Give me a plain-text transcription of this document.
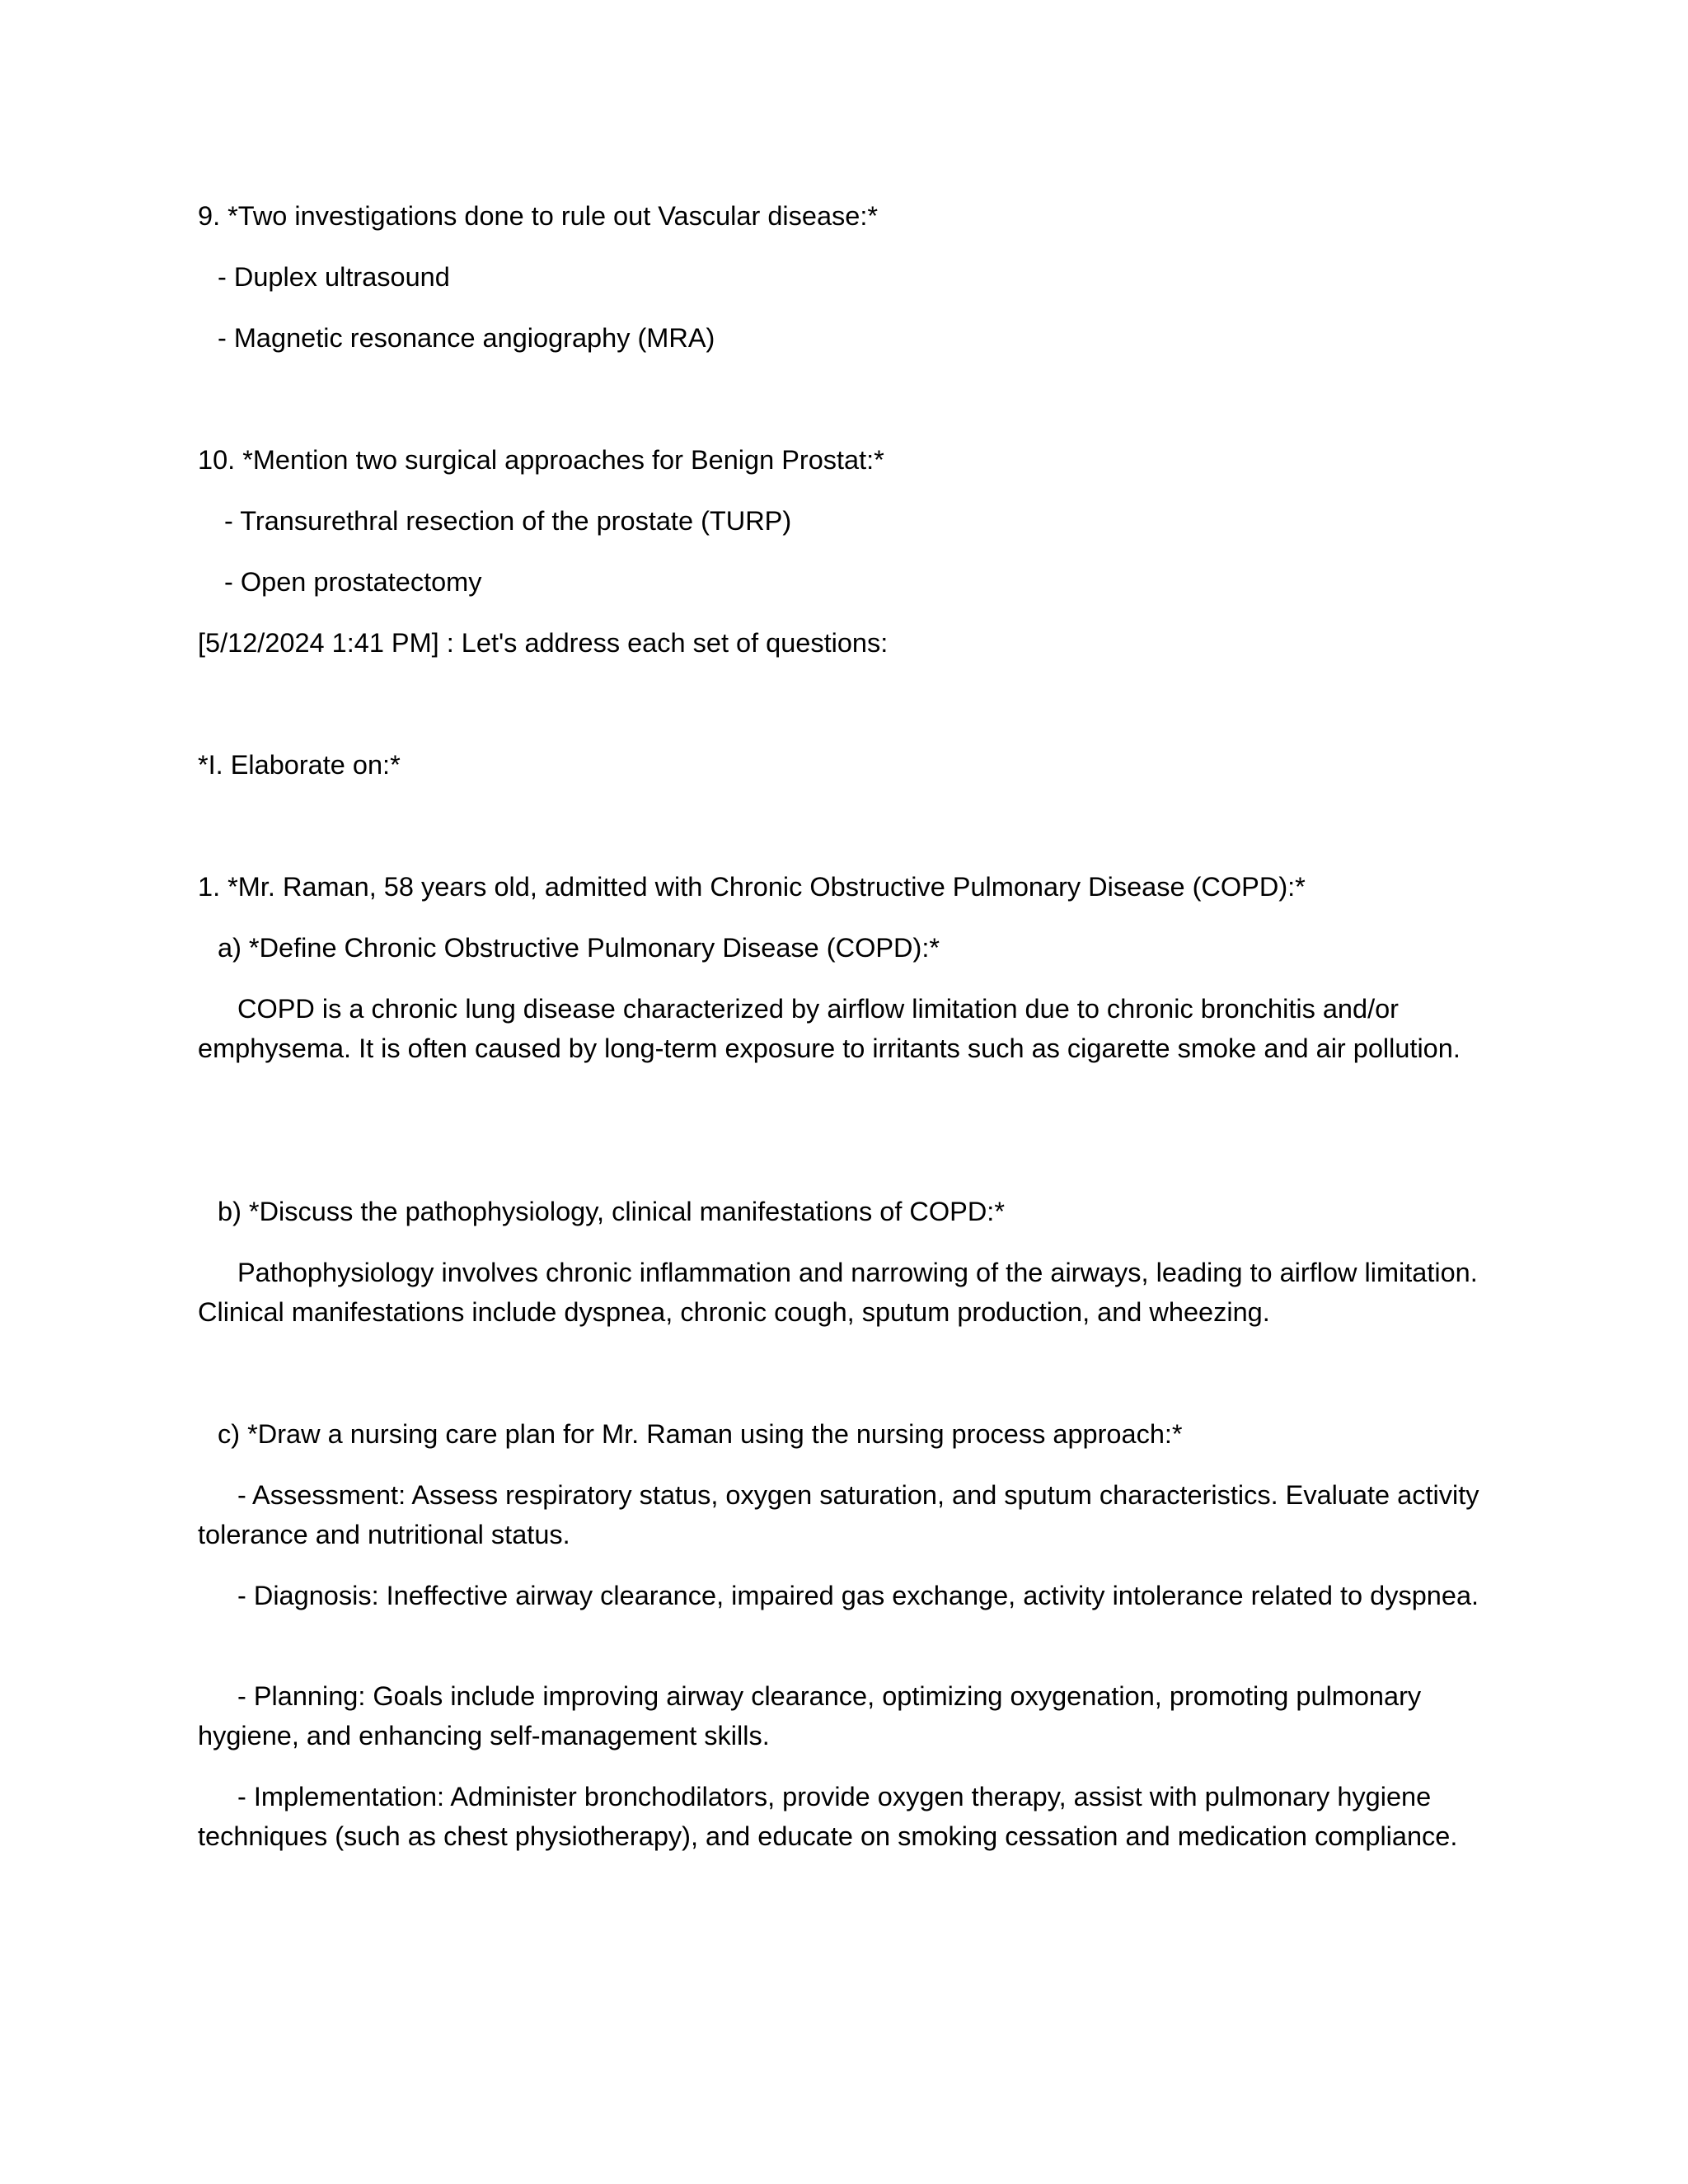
9. *Two investigations done to rule out Vascular disease:*

- Duplex ultrasound

- Magnetic resonance angiography (MRA)

10. *Mention two surgical approaches for Benign Prostat:*

- Transurethral resection of the prostate (TURP)

- Open prostatectomy

[5/12/2024 1:41 PM] : Let's address each set of questions:

*I. Elaborate on:*

1. *Mr. Raman, 58 years old, admitted with Chronic Obstructive Pulmonary Disease (COPD):*

a) *Define Chronic Obstructive Pulmonary Disease (COPD):*

COPD is a chronic lung disease characterized by airflow limitation due to chronic bronchitis and/or emphysema. It is often caused by long-term exposure to irritants such as cigarette smoke and air pollution.

b) *Discuss the pathophysiology, clinical manifestations of COPD:*

Pathophysiology involves chronic inflammation and narrowing of the airways, leading to airflow limitation. Clinical manifestations include dyspnea, chronic cough, sputum production, and wheezing.

c) *Draw a nursing care plan for Mr. Raman using the nursing process approach:*

- Assessment: Assess respiratory status, oxygen saturation, and sputum characteristics. Evaluate activity tolerance and nutritional status.

- Diagnosis: Ineffective airway clearance, impaired gas exchange, activity intolerance related to dyspnea.

- Planning: Goals include improving airway clearance, optimizing oxygenation, promoting pulmonary hygiene, and enhancing self-management skills.

- Implementation: Administer bronchodilators, provide oxygen therapy, assist with pulmonary hygiene techniques (such as chest physiotherapy), and educate on smoking cessation and medication compliance.
